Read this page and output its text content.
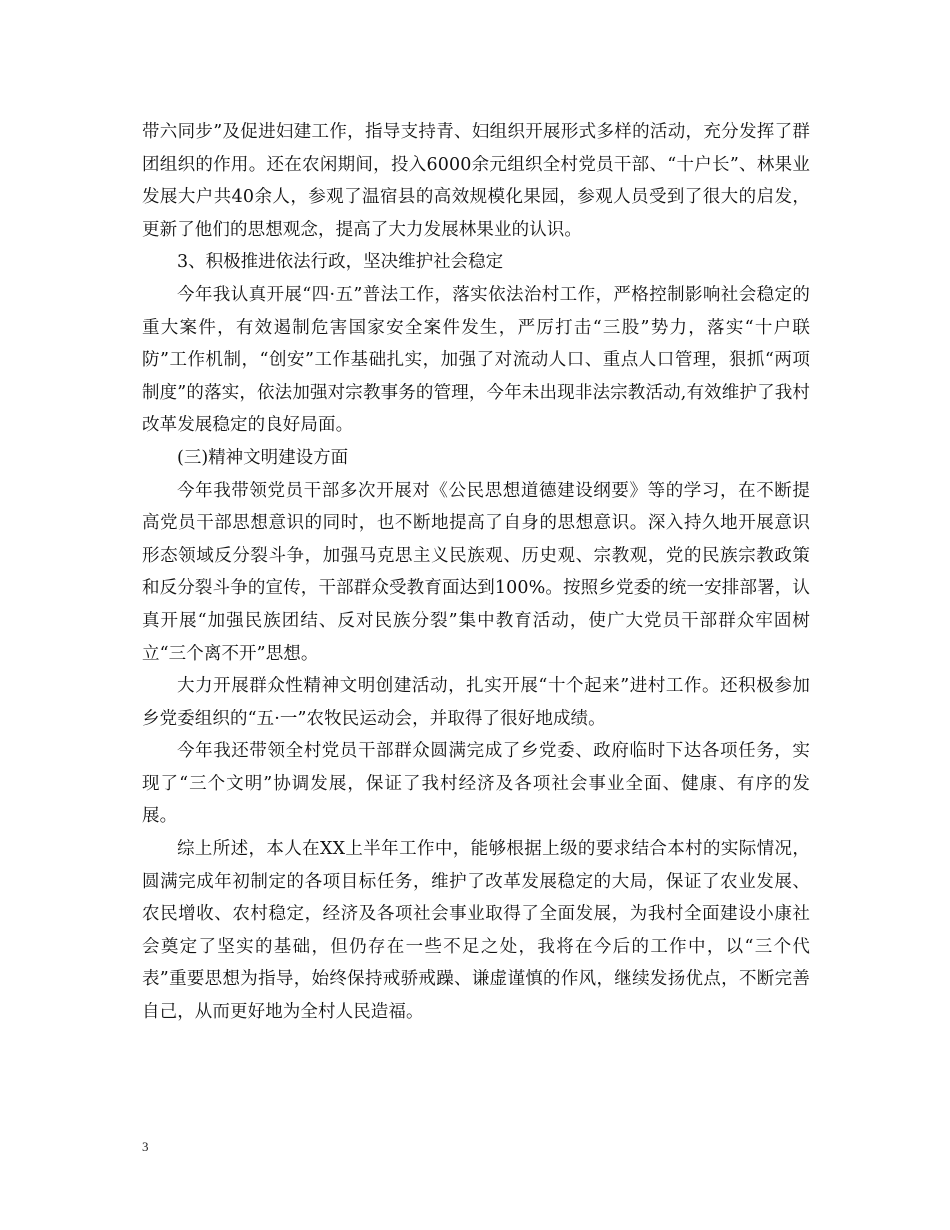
带六同步”及促进妇建工作，指导支持青、妇组织开展形式多样的活动，充分发挥了群团组织的作用。还在农闲期间，投入6000余元组织全村党员干部、“十户长”、林果业发展大户共40余人，参观了温宿县的高效规模化果园，参观人员受到了很大的启发，更新了他们的思想观念，提高了大力发展林果业的认识。

3、积极推进依法行政，坚决维护社会稳定

今年我认真开展“四·五”普法工作，落实依法治村工作，严格控制影响社会稳定的重大案件，有效遏制危害国家安全案件发生，严厉打击“三股”势力，落实“十户联防”工作机制，“创安”工作基础扎实，加强了对流动人口、重点人口管理，狠抓“两项制度”的落实，依法加强对宗教事务的管理，今年未出现非法宗教活动,有效维护了我村改革发展稳定的良好局面。

(三)精神文明建设方面

今年我带领党员干部多次开展对《公民思想道德建设纲要》等的学习，在不断提高党员干部思想意识的同时，也不断地提高了自身的思想意识。深入持久地开展意识形态领域反分裂斗争，加强马克思主义民族观、历史观、宗教观，党的民族宗教政策和反分裂斗争的宣传，干部群众受教育面达到100%。按照乡党委的统一安排部署，认真开展“加强民族团结、反对民族分裂”集中教育活动，使广大党员干部群众牢固树立“三个离不开”思想。

大力开展群众性精神文明创建活动，扎实开展“十个起来”进村工作。还积极参加乡党委组织的“五·一”农牧民运动会，并取得了很好地成绩。

今年我还带领全村党员干部群众圆满完成了乡党委、政府临时下达各项任务，实现了“三个文明”协调发展，保证了我村经济及各项社会事业全面、健康、有序的发展。

综上所述，本人在XX上半年工作中，能够根据上级的要求结合本村的实际情况，圆满完成年初制定的各项目标任务，维护了改革发展稳定的大局，保证了农业发展、农民增收、农村稳定，经济及各项社会事业取得了全面发展，为我村全面建设小康社会奠定了坚实的基础，但仍存在一些不足之处，我将在今后的工作中，以“三个代表”重要思想为指导，始终保持戒骄戒躁、谦虚谨慎的作风，继续发扬优点，不断完善自己，从而更好地为全村人民造福。

3
